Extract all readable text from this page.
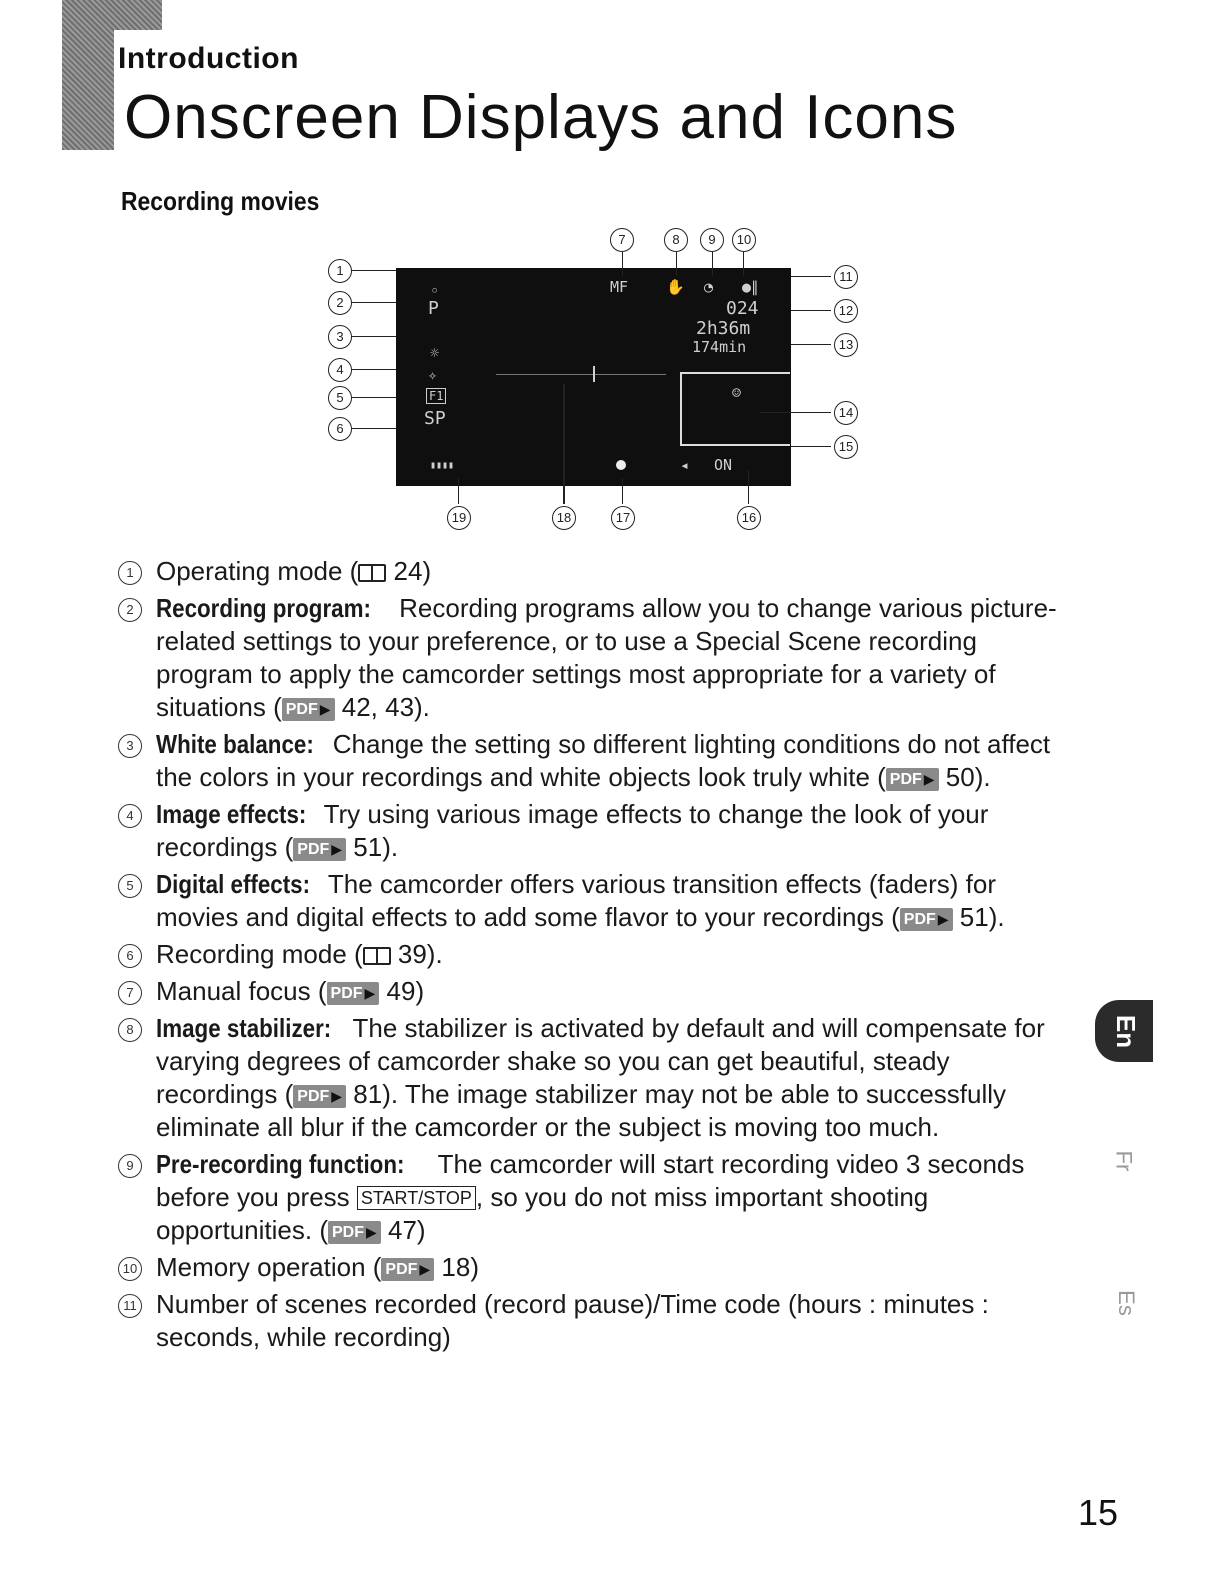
Introduction
Onscreen Displays and Icons
Recording movies
◦
P
☼
✧
F1
SP
MF	✋ ◔ ●∥
024
2h36m
174min
☺
▮▮▮▮	◂ ON
1
2
3
4
5
6
7	8	9	10
11
12
13
14
15
16
17
18
19
1 Operating mode ( 24)
2 Recording program: Recording programs allow you to change various picture-related settings to your preference, or to use a Special Scene recording program to apply the camcorder settings most appropriate for a variety of situations ( PDF ▶ 42, 43).
3 White balance: Change the setting so different lighting conditions do not affect the colors in your recordings and white objects look truly white ( PDF ▶ 50).
4 Image effects: Try using various image effects to change the look of your recordings ( PDF ▶ 51).
5 Digital effects: The camcorder offers various transition effects (faders) for movies and digital effects to add some flavor to your recordings ( PDF ▶ 51).
6 Recording mode ( 39).
7 Manual focus ( PDF ▶ 49)
8 Image stabilizer: The stabilizer is activated by default and will compensate for varying degrees of camcorder shake so you can get beautiful, steady recordings ( PDF ▶ 81). The image stabilizer may not be able to successfully eliminate all blur if the camcorder or the subject is moving too much.
9 Pre-recording function: The camcorder will start recording video 3 seconds before you press START/STOP , so you do not miss important shooting opportunities. ( PDF ▶ 47)
10 Memory operation ( PDF ▶ 18)
11 Number of scenes recorded (record pause)/Time code (hours : minutes : seconds, while recording)
En
Fr
Es
15
